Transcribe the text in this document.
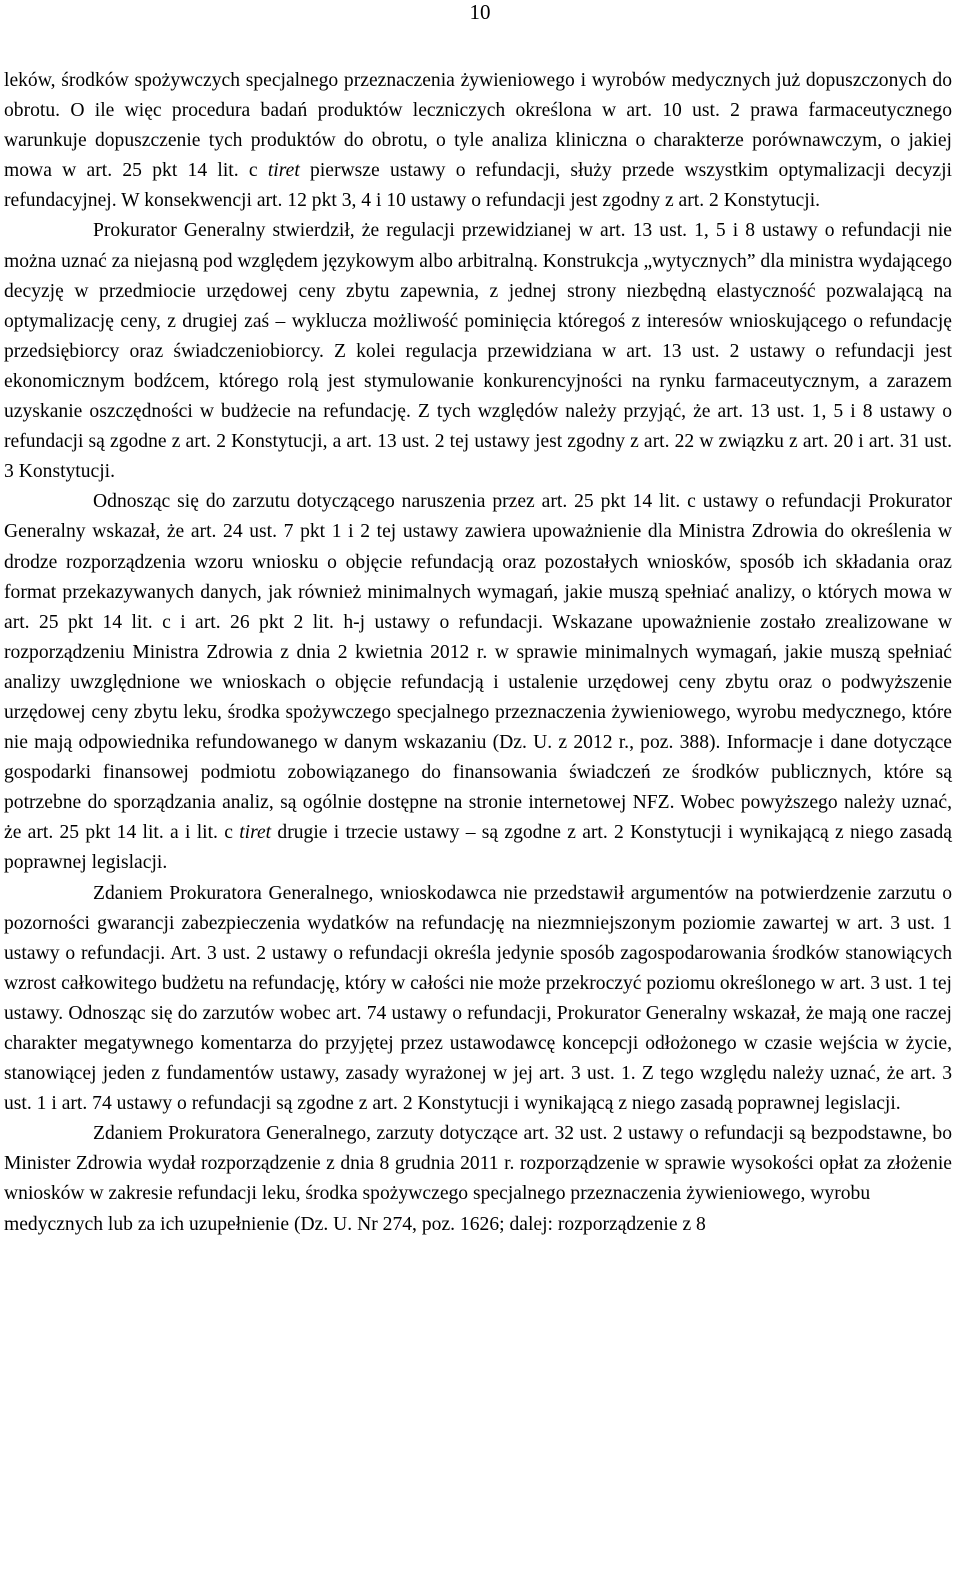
10

leków, środków spożywczych specjalnego przeznaczenia żywieniowego i wyrobów medycznych już dopuszczonych do obrotu. O ile więc procedura badań produktów leczniczych określona w art. 10 ust. 2 prawa farmaceutycznego warunkuje dopuszczenie tych produktów do obrotu, o tyle analiza kliniczna o charakterze porównawczym, o jakiej mowa w art. 25 pkt 14 lit. c tiret pierwsze ustawy o refundacji, służy przede wszystkim optymalizacji decyzji refundacyjnej. W konsekwencji art. 12 pkt 3, 4 i 10 ustawy o refundacji jest zgodny z art. 2 Konstytucji.

Prokurator Generalny stwierdził, że regulacji przewidzianej w art. 13 ust. 1, 5 i 8 ustawy o refundacji nie można uznać za niejasną pod względem językowym albo arbitralną. Konstrukcja „wytycznych” dla ministra wydającego decyzję w przedmiocie urzędowej ceny zbytu zapewnia, z jednej strony niezbędną elastyczność pozwalającą na optymalizację ceny, z drugiej zaś – wyklucza możliwość pominięcia któregoś z interesów wnioskującego o refundację przedsiębiorcy oraz świadczeniobiorcy. Z kolei regulacja przewidziana w art. 13 ust. 2 ustawy o refundacji jest ekonomicznym bodźcem, którego rolą jest stymulowanie konkurencyjności na rynku farmaceutycznym, a zarazem uzyskanie oszczędności w budżecie na refundację. Z tych względów należy przyjąć, że art. 13 ust. 1, 5 i 8 ustawy o refundacji są zgodne z art. 2 Konstytucji, a art. 13 ust. 2 tej ustawy jest zgodny z art. 22 w związku z art. 20 i art. 31 ust. 3 Konstytucji.

Odnosząc się do zarzutu dotyczącego naruszenia przez art. 25 pkt 14 lit. c ustawy o refundacji Prokurator Generalny wskazał, że art. 24 ust. 7 pkt 1 i 2 tej ustawy zawiera upoważnienie dla Ministra Zdrowia do określenia w drodze rozporządzenia wzoru wniosku o objęcie refundacją oraz pozostałych wniosków, sposób ich składania oraz format przekazywanych danych, jak również minimalnych wymagań, jakie muszą spełniać analizy, o których mowa w art. 25 pkt 14 lit. c i art. 26 pkt 2 lit. h-j ustawy o refundacji. Wskazane upoważnienie zostało zrealizowane w rozporządzeniu Ministra Zdrowia z dnia 2 kwietnia 2012 r. w sprawie minimalnych wymagań, jakie muszą spełniać analizy uwzględnione we wnioskach o objęcie refundacją i ustalenie urzędowej ceny zbytu oraz o podwyższenie urzędowej ceny zbytu leku, środka spożywczego specjalnego przeznaczenia żywieniowego, wyrobu medycznego, które nie mają odpowiednika refundowanego w danym wskazaniu (Dz. U. z 2012 r., poz. 388). Informacje i dane dotyczące gospodarki finansowej podmiotu zobowiązanego do finansowania świadczeń ze środków publicznych, które są potrzebne do sporządzania analiz, są ogólnie dostępne na stronie internetowej NFZ. Wobec powyższego należy uznać, że art. 25 pkt 14 lit. a i lit. c tiret drugie i trzecie ustawy – są zgodne z art. 2 Konstytucji i wynikającą z niego zasadą poprawnej legislacji.

Zdaniem Prokuratora Generalnego, wnioskodawca nie przedstawił argumentów na potwierdzenie zarzutu o pozorności gwarancji zabezpieczenia wydatków na refundację na niezmniejszonym poziomie zawartej w art. 3 ust. 1 ustawy o refundacji. Art. 3 ust. 2 ustawy o refundacji określa jedynie sposób zagospodarowania środków stanowiących wzrost całkowitego budżetu na refundację, który w całości nie może przekroczyć poziomu określonego w art. 3 ust. 1 tej ustawy. Odnosząc się do zarzutów wobec art. 74 ustawy o refundacji, Prokurator Generalny wskazał, że mają one raczej charakter megatywnego komentarza do przyjętej przez ustawodawcę koncepcji odłożonego w czasie wejścia w życie, stanowiącej jeden z fundamentów ustawy, zasady wyrażonej w jej art. 3 ust. 1. Z tego względu należy uznać, że art. 3 ust. 1 i art. 74 ustawy o refundacji są zgodne z art. 2 Konstytucji i wynikającą z niego zasadą poprawnej legislacji.

Zdaniem Prokuratora Generalnego, zarzuty dotyczące art. 32 ust. 2 ustawy o refundacji są bezpodstawne, bo Minister Zdrowia wydał rozporządzenie z dnia 8 grudnia 2011 r. rozporządzenie w sprawie wysokości opłat za złożenie wniosków w zakresie refundacji leku, środka spożywczego specjalnego przeznaczenia żywieniowego, wyrobu

medycznych lub za ich uzupełnienie (Dz. U. Nr 274, poz. 1626; dalej: rozporządzenie z 8
